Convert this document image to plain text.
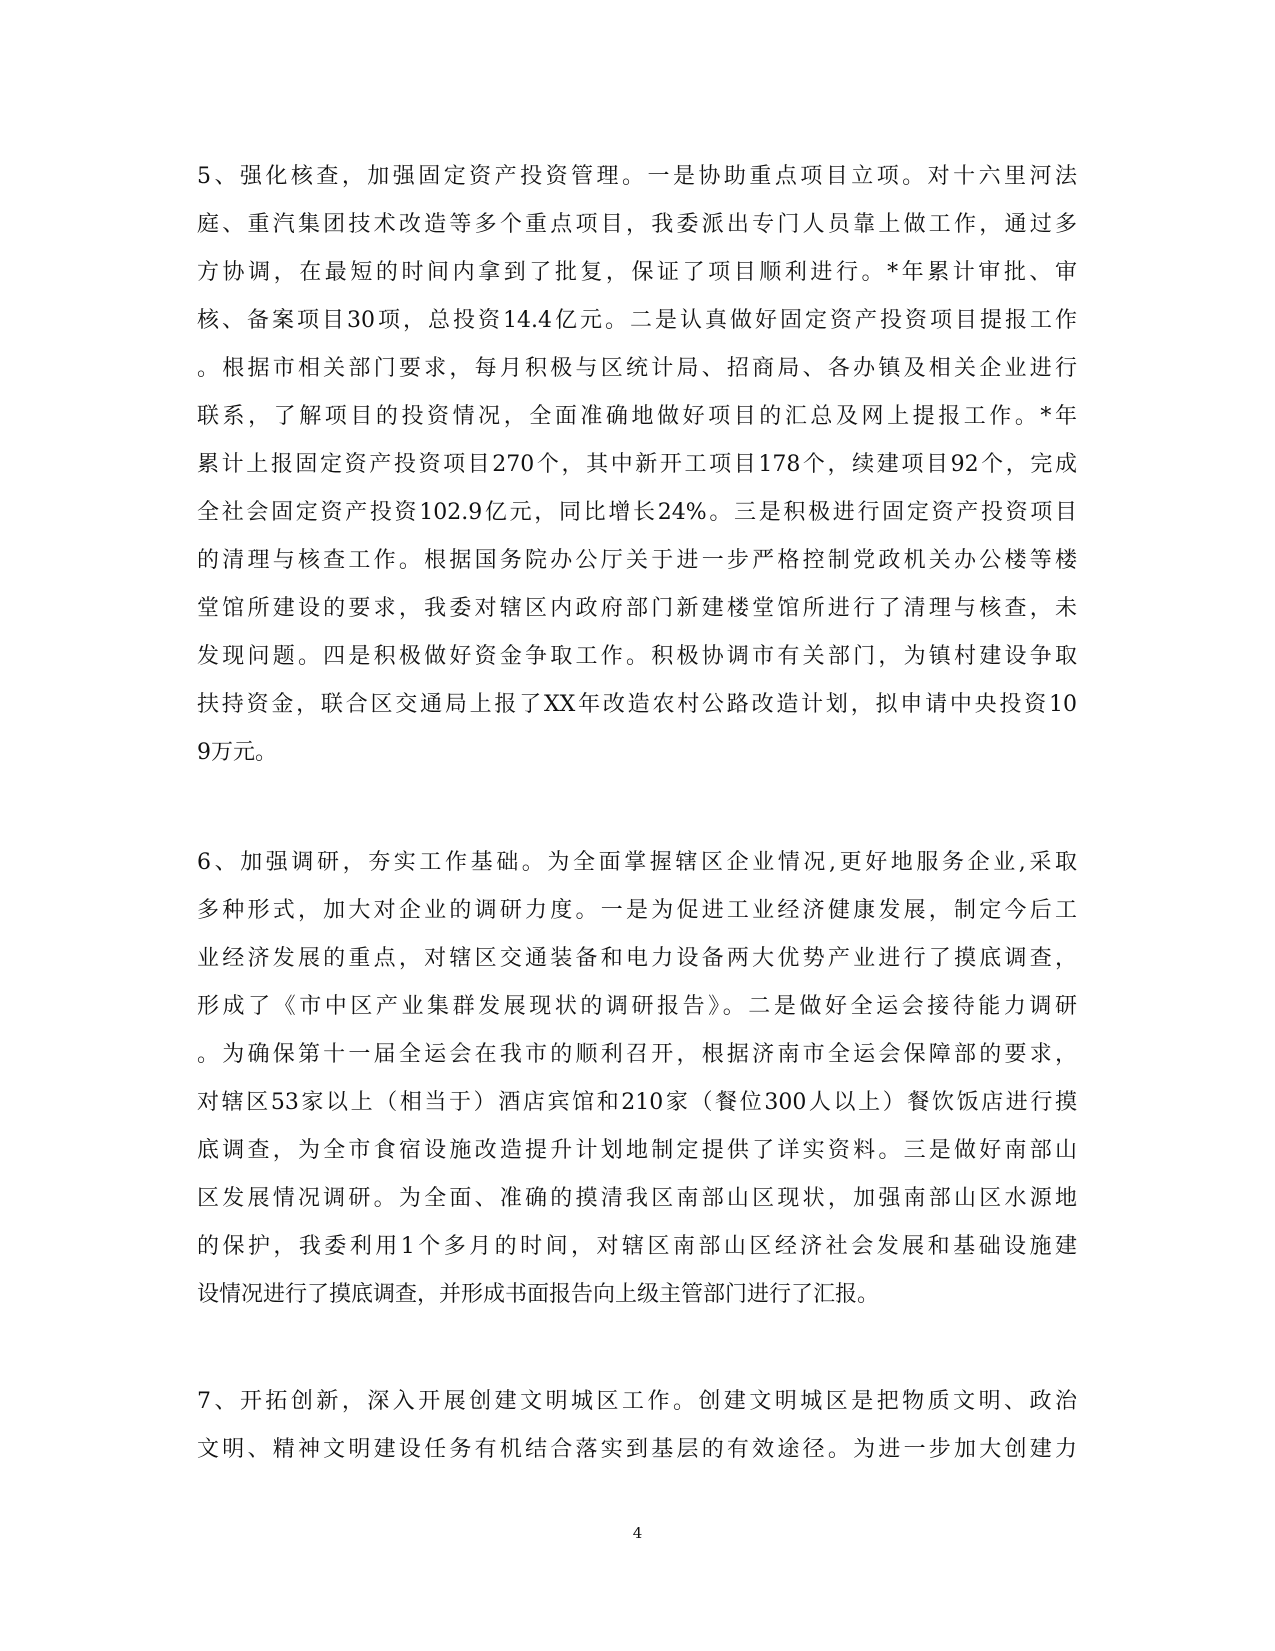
5、强化核查，加强固定资产投资管理。一是协助重点项目立项。对十六里河法
庭、重汽集团技术改造等多个重点项目，我委派出专门人员靠上做工作，通过多
方协调，在最短的时间内拿到了批复，保证了项目顺利进行。*年累计审批、审
核、备案项目30项，总投资14.4亿元。二是认真做好固定资产投资项目提报工作
。根据市相关部门要求，每月积极与区统计局、招商局、各办镇及相关企业进行
联系，了解项目的投资情况，全面准确地做好项目的汇总及网上提报工作。*年
累计上报固定资产投资项目270个，其中新开工项目178个，续建项目92个，完成
全社会固定资产投资102.9亿元，同比增长24%。三是积极进行固定资产投资项目
的清理与核查工作。根据国务院办公厅关于进一步严格控制党政机关办公楼等楼
堂馆所建设的要求，我委对辖区内政府部门新建楼堂馆所进行了清理与核查，未
发现问题。四是积极做好资金争取工作。积极协调市有关部门，为镇村建设争取
扶持资金，联合区交通局上报了XX年改造农村公路改造计划，拟申请中央投资10
9万元。
6、加强调研，夯实工作基础。为全面掌握辖区企业情况,更好地服务企业,采取
多种形式，加大对企业的调研力度。一是为促进工业经济健康发展，制定今后工
业经济发展的重点，对辖区交通装备和电力设备两大优势产业进行了摸底调查，
形成了《市中区产业集群发展现状的调研报告》。二是做好全运会接待能力调研
。为确保第十一届全运会在我市的顺利召开，根据济南市全运会保障部的要求，
对辖区53家以上（相当于）酒店宾馆和210家（餐位300人以上）餐饮饭店进行摸
底调查，为全市食宿设施改造提升计划地制定提供了详实资料。三是做好南部山
区发展情况调研。为全面、准确的摸清我区南部山区现状，加强南部山区水源地
的保护，我委利用1个多月的时间，对辖区南部山区经济社会发展和基础设施建
设情况进行了摸底调查，并形成书面报告向上级主管部门进行了汇报。
7、开拓创新，深入开展创建文明城区工作。创建文明城区是把物质文明、政治
文明、精神文明建设任务有机结合落实到基层的有效途径。为进一步加大创建力
4
